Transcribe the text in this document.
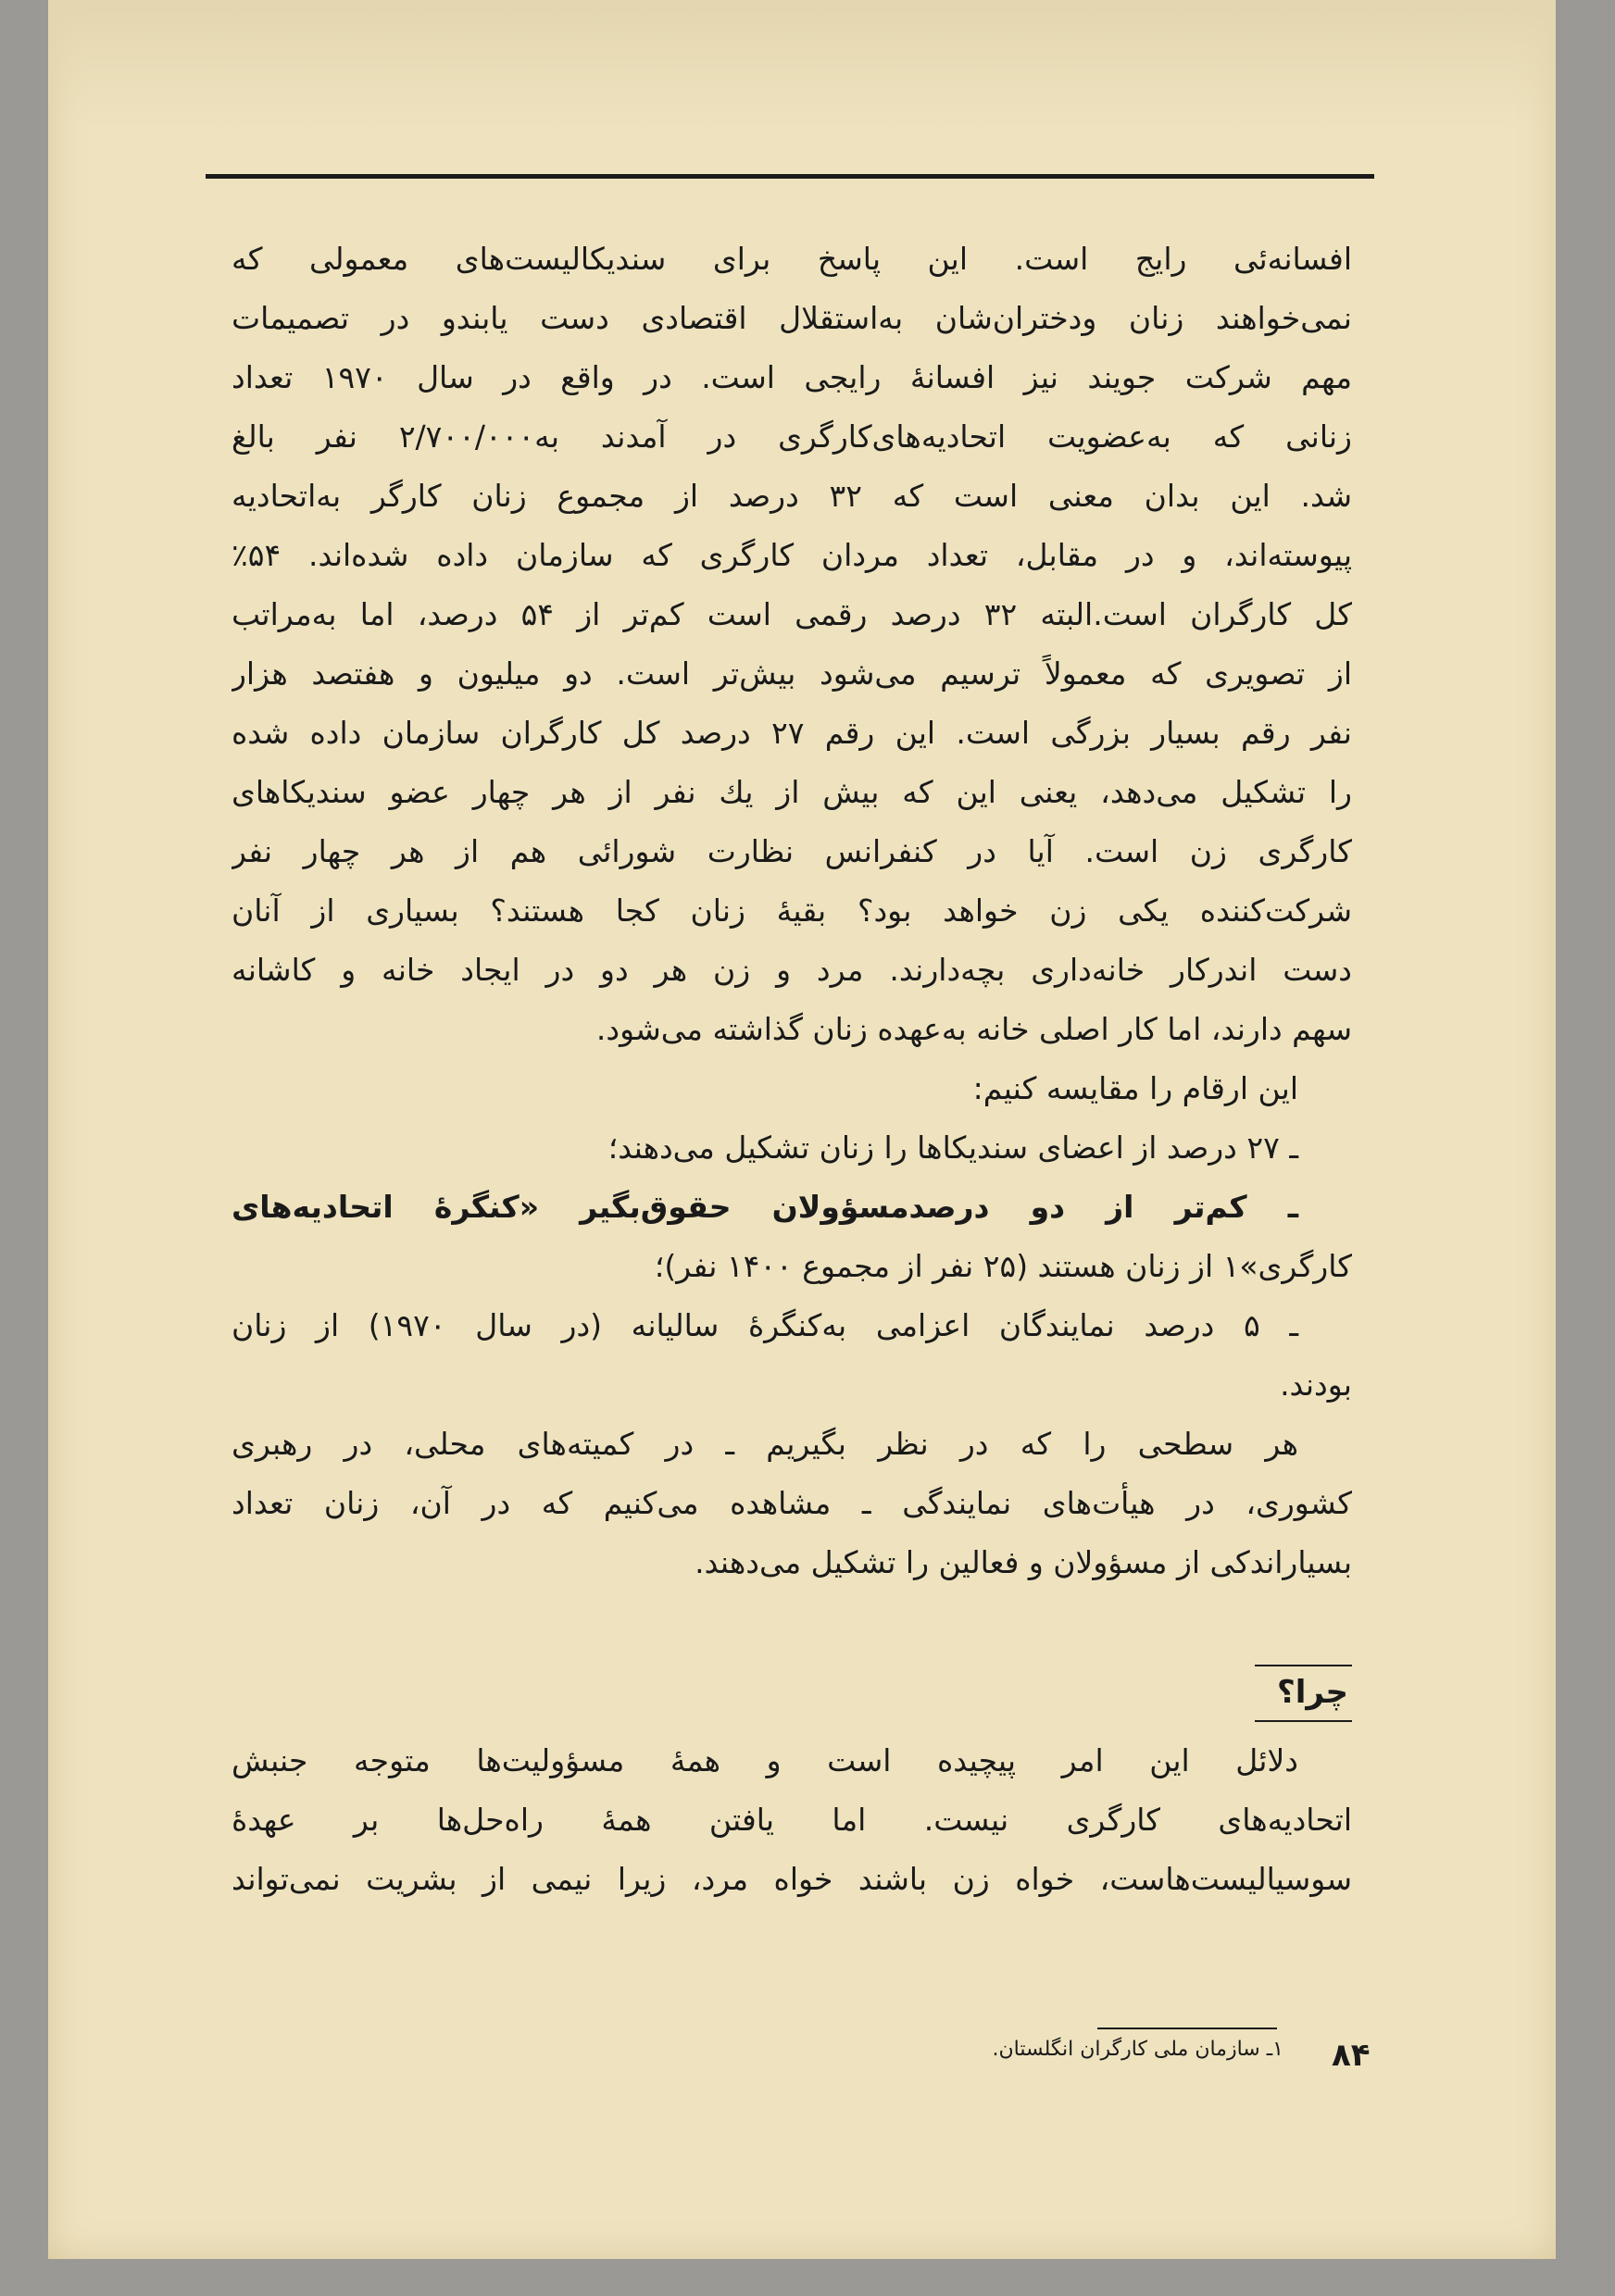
افسانه‌ئی رایج است. این پاسخ برای سندیکالیست‌های معمولی که
نمی‌خواهند زنان ودختران‌شان به‌استقلال اقتصادی دست یابندو در تصمیمات
مهم شرکت جویند نیز افسانهٔ رایجی است. در واقع در سال ۱۹۷۰ تعداد
زنانی که به‌عضویت اتحادیه‌های‌کارگری در آمدند به‌۲/۷۰۰/۰۰۰ نفر بالغ
شد. این بدان معنی است که ۳۲ درصد از مجموع زنان کارگر به‌اتحادیه
پیوسته‌اند، و در مقابل، تعداد مردان کارگری که سازمان داده شده‌اند. ۵۴٪
کل کارگران است.البته ۳۲ درصد رقمی است کم‌تر از ۵۴ درصد، اما به‌مراتب
از تصویری که معمولاً ترسیم می‌شود بیش‌تر است. دو میلیون و هفتصد هزار
نفر رقم بسیار بزرگی است. این رقم ۲۷ درصد کل کارگران سازمان داده شده
را تشکیل می‌دهد، یعنی این که بیش از یك نفر از هر چهار عضو سندیکاهای
کارگری زن است. آیا در کنفرانس نظارت شورائی هم از هر چهار نفر
شرکت‌کننده یکی زن خواهد بود؟ بقیهٔ زنان کجا هستند؟ بسیاری از آنان
دست اندرکار خانه‌داری بچه‌دارند. مرد و زن هر دو در ایجاد خانه و کاشانه
سهم دارند، اما کار اصلی خانه به‌عهده زنان گذاشته می‌شود.
این ارقام را مقایسه کنیم:
ـ ۲۷ درصد از اعضای سندیکاها را زنان تشکیل می‌دهند؛
ـ کم‌تر از دو درصدمسؤولان حقوق‌بگیر «کنگرهٔ اتحادیه‌های
کارگری»۱ از زنان هستند (۲۵ نفر از مجموع ۱۴۰۰ نفر)؛
ـ ۵ درصد نمایندگان اعزامی به‌کنگرهٔ سالیانه (در سال ۱۹۷۰) از زنان
بودند.
هر سطحی را که در نظر بگیریم ـ در کمیته‌های محلی، در رهبری
کشوری، در هیأت‌های نمایندگی ـ مشاهده می‌کنیم که در آن، زنان تعداد
بسیاراندکی از مسؤولان و فعالین را تشکیل می‌دهند.
چرا؟
دلائل این امر پیچیده است و همهٔ مسؤولیت‌ها متوجه جنبش
اتحادیه‌های کارگری نیست. اما یافتن همهٔ راه‌حل‌ها بر عهدهٔ
سوسیالیست‌هاست، خواه زن باشند خواه مرد، زیرا نیمی از بشریت نمی‌تواند
۱ـ سازمان ملی کارگران انگلستان. ۸۴
